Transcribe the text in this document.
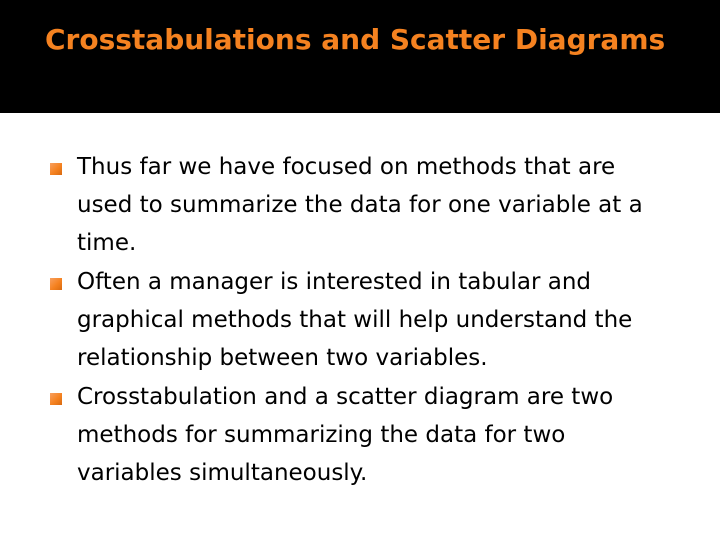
Crosstabulations and Scatter Diagrams
Thus far we have focused on methods that are used to summarize the data for one variable at a time.
Often a manager is interested in tabular and graphical methods that will help understand the relationship between two variables.
Crosstabulation and a scatter diagram are two methods for summarizing the data for two variables simultaneously.
